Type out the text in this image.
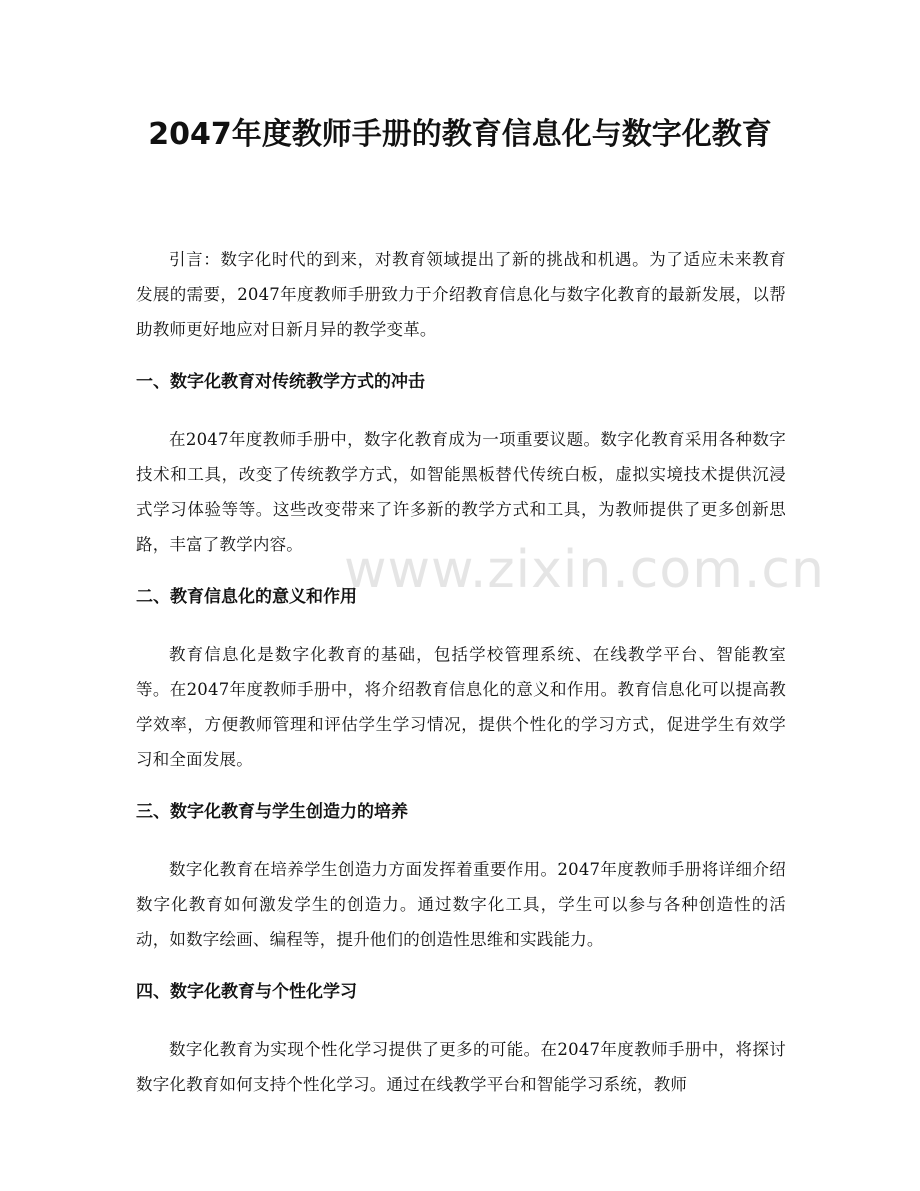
2047年度教师手册的教育信息化与数字化教育

引言：数字化时代的到来，对教育领域提出了新的挑战和机遇。为了适应未来教育发展的需要，2047年度教师手册致力于介绍教育信息化与数字化教育的最新发展，以帮助教师更好地应对日新月异的教学变革。

一、数字化教育对传统教学方式的冲击

在2047年度教师手册中，数字化教育成为一项重要议题。数字化教育采用各种数字技术和工具，改变了传统教学方式，如智能黑板替代传统白板，虚拟实境技术提供沉浸式学习体验等等。这些改变带来了许多新的教学方式和工具，为教师提供了更多创新思路，丰富了教学内容。

二、教育信息化的意义和作用

教育信息化是数字化教育的基础，包括学校管理系统、在线教学平台、智能教室等。在2047年度教师手册中，将介绍教育信息化的意义和作用。教育信息化可以提高教学效率，方便教师管理和评估学生学习情况，提供个性化的学习方式，促进学生有效学习和全面发展。

三、数字化教育与学生创造力的培养

数字化教育在培养学生创造力方面发挥着重要作用。2047年度教师手册将详细介绍数字化教育如何激发学生的创造力。通过数字化工具，学生可以参与各种创造性的活动，如数字绘画、编程等，提升他们的创造性思维和实践能力。

四、数字化教育与个性化学习

数字化教育为实现个性化学习提供了更多的可能。在2047年度教师手册中，将探讨数字化教育如何支持个性化学习。通过在线教学平台和智能学习系统，教师

www.zixin.com.cn
